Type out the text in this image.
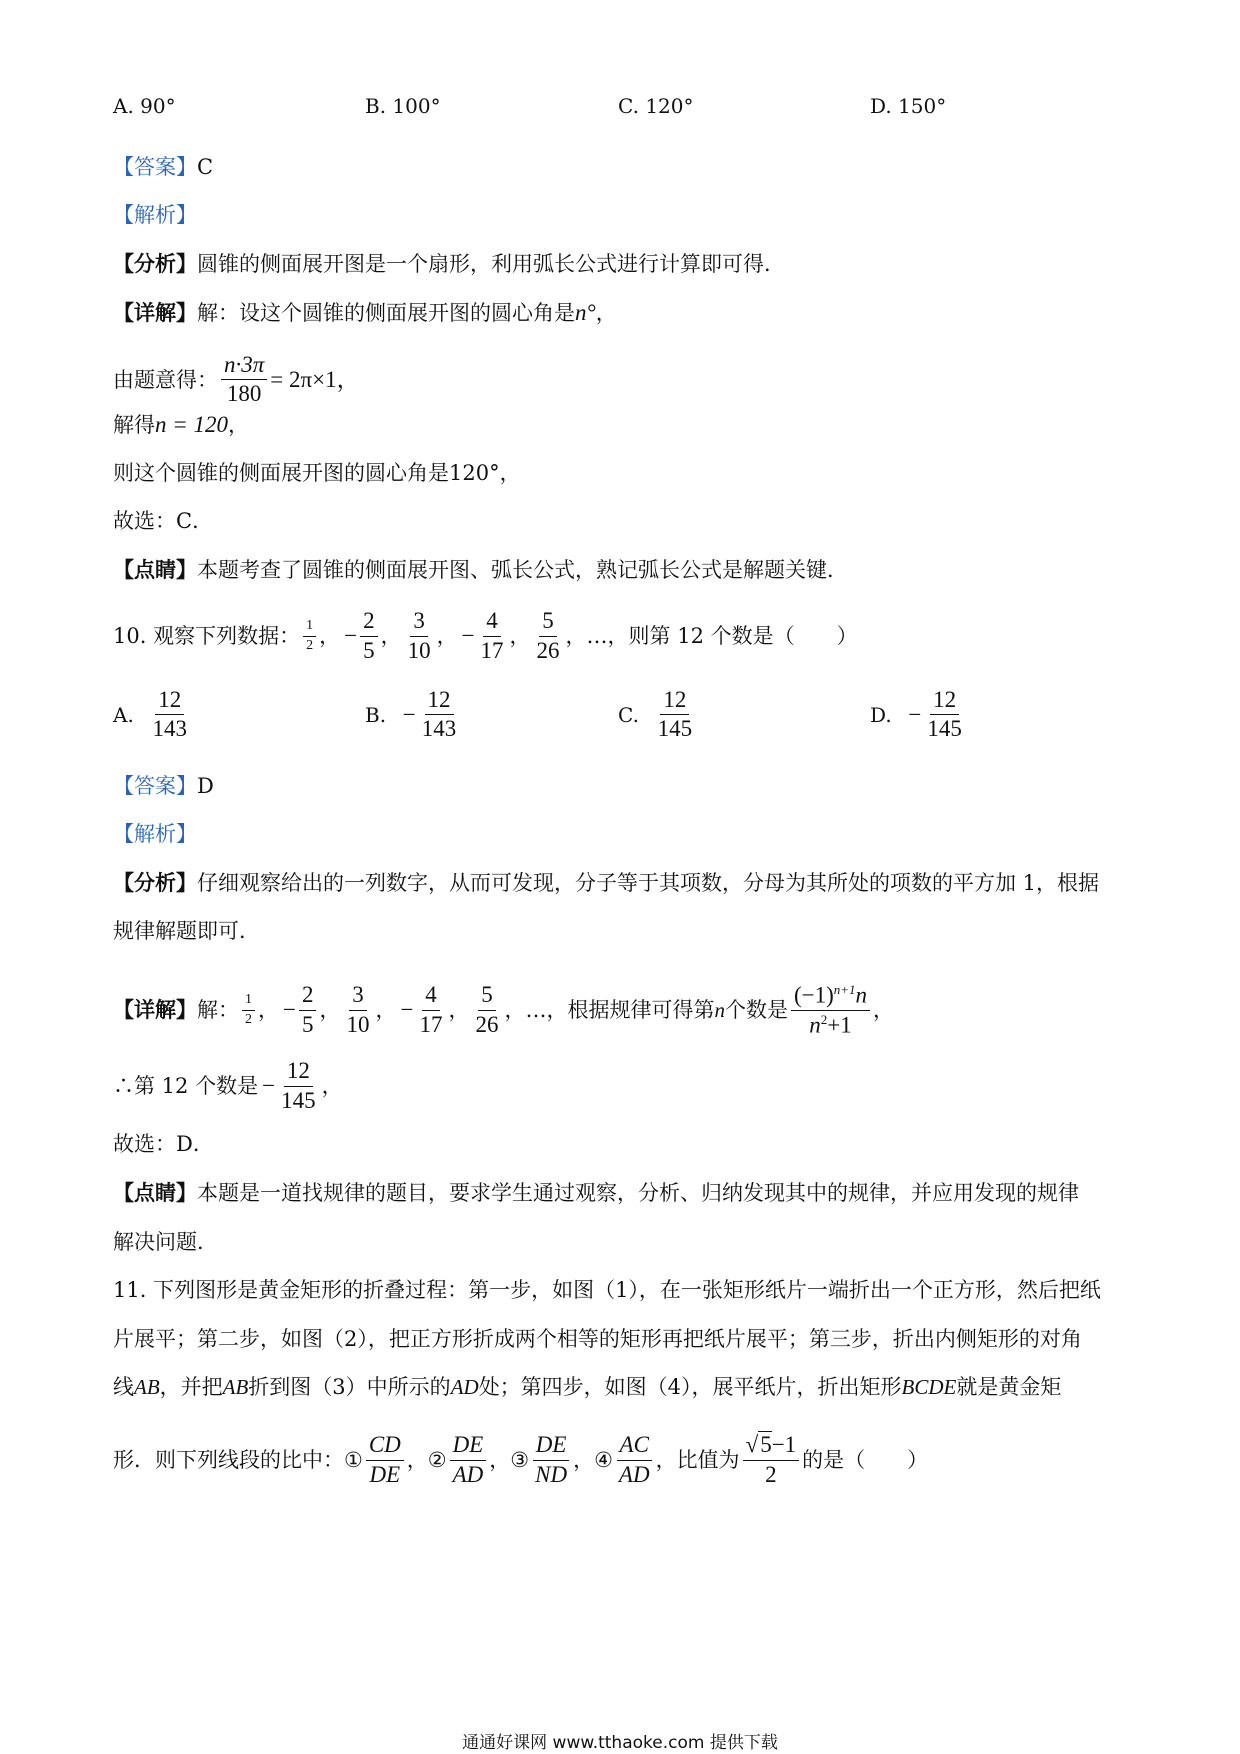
A.
90°	B.
100°	C.
120°	D.
150°
【答案】 C
【解析】
【分析】 圆锥的侧面展开图是一个扇形，利用弧长公式进行计算即可得．
【详解】 解：设这个圆锥的侧面展开图的圆心角是 n° ，
由题意得： $\frac{n\cdot 3\pi}{180} = 2\pi\times 1$，
解得 n = 120 ，
则这个圆锥的侧面展开图的圆心角是120°，
故选：C．
【点睛】 本题考查了圆锥的侧面展开图、弧长公式，熟记弧长公式是解题关键．
10. 观察下列数据： $\frac{1}{2}$ ， − $\frac{2}{5}$ ， $\frac{3}{10}$ ， − $\frac{4}{17}$ ， $\frac{5}{26}$ ， …，则第 12 个数是（　　）
A.
$\frac{12}{143}$	B.
− $\frac{12}{143}$	C.
$\frac{12}{145}$	D.
− $\frac{12}{145}$
【答案】 D
【解析】
【分析】 仔细观察给出的一列数字，从而可发现，分子等于其项数，分母为其所处的项数的平方加 1，根据
规律解题即可．
【详解】 解： $\frac{1}{2}$ ， − $\frac{2}{5}$ ， $\frac{3}{10}$ ， − $\frac{4}{17}$ ， $\frac{5}{26}$ ， …，根据规律可得第 n 个数是 $\frac{(-1)^{n+1}n}{n^2+1}$ ，
∴第 12 个数是 − $\frac{12}{145}$ ，
故选：D．
【点睛】 本题是一道找规律的题目，要求学生通过观察，分析、归纳发现其中的规律，并应用发现的规律
解决问题．
11. 下列图形是黄金矩形的折叠过程：第一步，如图（1），在一张矩形纸片一端折出一个正方形，然后把纸
片展平；第二步，如图（2），把正方形折成两个相等的矩形再把纸片展平；第三步，折出内侧矩形的对角
线 AB ，并把 AB 折到图（3）中所示的 AD 处；第四步，如图（4），展平纸片，折出矩形 BCDE 就是黄金矩
形．则下列线段的比中： ① $\frac{CD}{DE}$ ， ② $\frac{DE}{AD}$ ， ③ $\frac{DE}{ND}$ ， ④ $\frac{AC}{AD}$ ， 比值为 $\frac{√5-1}{2}$ 的是（　　）
通通好课网 www.tthaoke.com 提供下载
